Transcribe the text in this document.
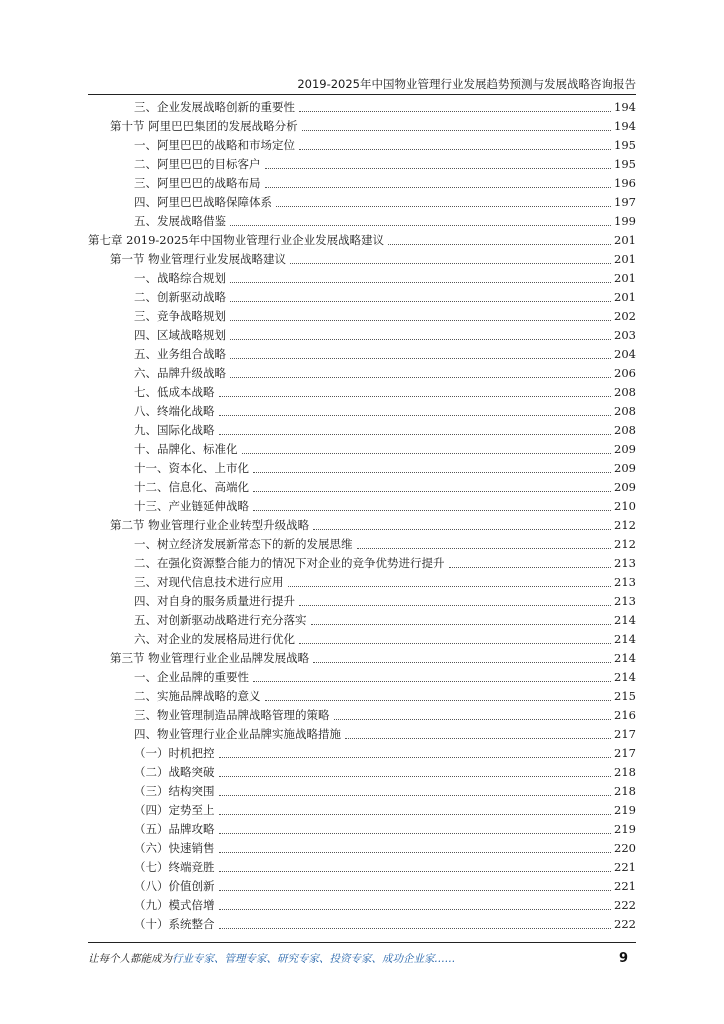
2019-2025年中国物业管理行业发展趋势预测与发展战略咨询报告
三、企业发展战略创新的重要性	194
第十节 阿里巴巴集团的发展战略分析	194
一、阿里巴巴的战略和市场定位	195
二、阿里巴巴的目标客户	195
三、阿里巴巴的战略布局	196
四、阿里巴巴战略保障体系	197
五、发展战略借鉴	199
第七章 2019-2025年中国物业管理行业企业发展战略建议	201
第一节 物业管理行业发展战略建议	201
一、战略综合规划	201
二、创新驱动战略	201
三、竞争战略规划	202
四、区域战略规划	203
五、业务组合战略	204
六、品牌升级战略	206
七、低成本战略	208
八、终端化战略	208
九、国际化战略	208
十、品牌化、标准化	209
十一、资本化、上市化	209
十二、信息化、高端化	209
十三、产业链延伸战略	210
第二节 物业管理行业企业转型升级战略	212
一、树立经济发展新常态下的新的发展思维	212
二、在强化资源整合能力的情况下对企业的竞争优势进行提升	213
三、对现代信息技术进行应用	213
四、对自身的服务质量进行提升	213
五、对创新驱动战略进行充分落实	214
六、对企业的发展格局进行优化	214
第三节 物业管理行业企业品牌发展战略	214
一、企业品牌的重要性	214
二、实施品牌战略的意义	215
三、物业管理制造品牌战略管理的策略	216
四、物业管理行业企业品牌实施战略措施	217
（一）时机把控	217
（二）战略突破	218
（三）结构突围	218
（四）定势至上	219
（五）品牌攻略	219
（六）快速销售	220
（七）终端竞胜	221
（八）价值创新	221
（九）模式倍增	222
（十）系统整合	222
让每个人都能成为行业专家、管理专家、研究专家、投资专家、成功企业家……	9
